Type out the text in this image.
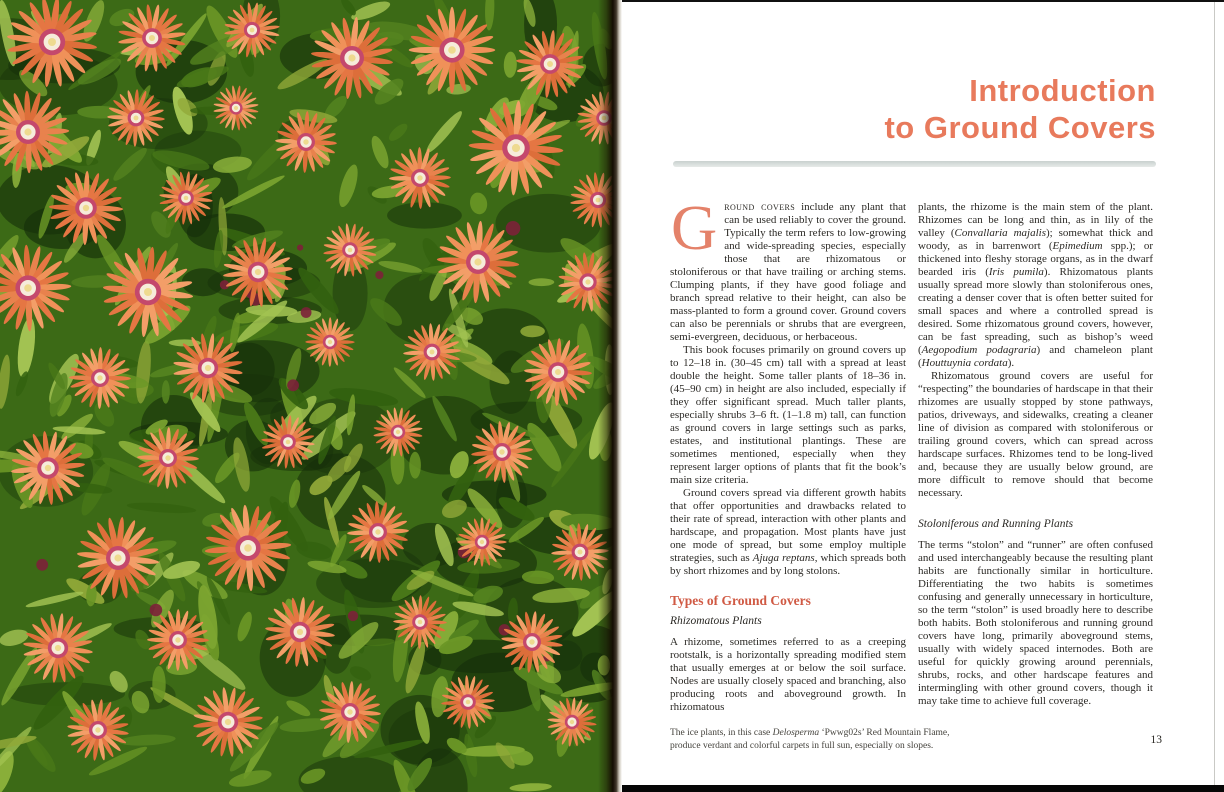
Introduction
to Ground Covers

Ground covers include any plant that can be used reliably to cover the ground. Typically the term refers to low-growing and wide-spreading species, especially those that are rhizomatous or stoloniferous or that have trailing or arching stems. Clumping plants, if they have good foliage and branch spread relative to their height, can also be mass-planted to form a ground cover. Ground covers can also be perennials or shrubs that are evergreen, semi-evergreen, deciduous, or herbaceous.

This book focuses primarily on ground covers up to 12–18 in. (30–45 cm) tall with a spread at least double the height. Some taller plants of 18–36 in. (45–90 cm) in height are also included, especially if they offer significant spread. Much taller plants, especially shrubs 3–6 ft. (1–1.8 m) tall, can function as ground covers in large settings such as parks, estates, and institutional plantings. These are sometimes mentioned, especially when they represent larger options of plants that fit the book’s main size criteria.

Ground covers spread via different growth habits that offer opportunities and drawbacks related to their rate of spread, interaction with other plants and hardscape, and propagation. Most plants have just one mode of spread, but some employ multiple strategies, such as Ajuga reptans, which spreads both by short rhizomes and by long stolons.

Types of Ground Covers
Rhizomatous Plants

A rhizome, sometimes referred to as a creeping rootstalk, is a horizontally spreading modified stem that usually emerges at or below the soil surface. Nodes are usually closely spaced and branching, also producing roots and aboveground growth. In rhizomatous

plants, the rhizome is the main stem of the plant. Rhizomes can be long and thin, as in lily of the valley (Convallaria majalis); somewhat thick and woody, as in barrenwort (Epimedium spp.); or thickened into fleshy storage organs, as in the dwarf bearded iris (Iris pumila). Rhizomatous plants usually spread more slowly than stoloniferous ones, creating a denser cover that is often better suited for small spaces and where a controlled spread is desired. Some rhizomatous ground covers, however, can be fast spreading, such as bishop’s weed (Aegopodium podagraria) and chameleon plant (Houttuynia cordata).

Rhizomatous ground covers are useful for “respecting” the boundaries of hardscape in that their rhizomes are usually stopped by stone pathways, patios, driveways, and sidewalks, creating a cleaner line of division as compared with stoloniferous or trailing ground covers, which can spread across hardscape surfaces. Rhizomes tend to be long-lived and, because they are usually below ground, are more difficult to remove should that become necessary.

Stoloniferous and Running Plants

The terms “stolon” and “runner” are often confused and used interchangeably because the resulting plant habits are functionally similar in horticulture. Differentiating the two habits is sometimes confusing and generally unnecessary in horticulture, so the term “stolon” is used broadly here to describe both habits. Both stoloniferous and running ground covers have long, primarily aboveground stems, usually with widely spaced internodes. Both are useful for quickly growing around perennials, shrubs, rocks, and other hardscape features and intermingling with other ground covers, though it may take time to achieve full coverage.

The ice plants, in this case Delosperma ‘Pwwg02s’ Red Mountain Flame, produce verdant and colorful carpets in full sun, especially on slopes.	13
